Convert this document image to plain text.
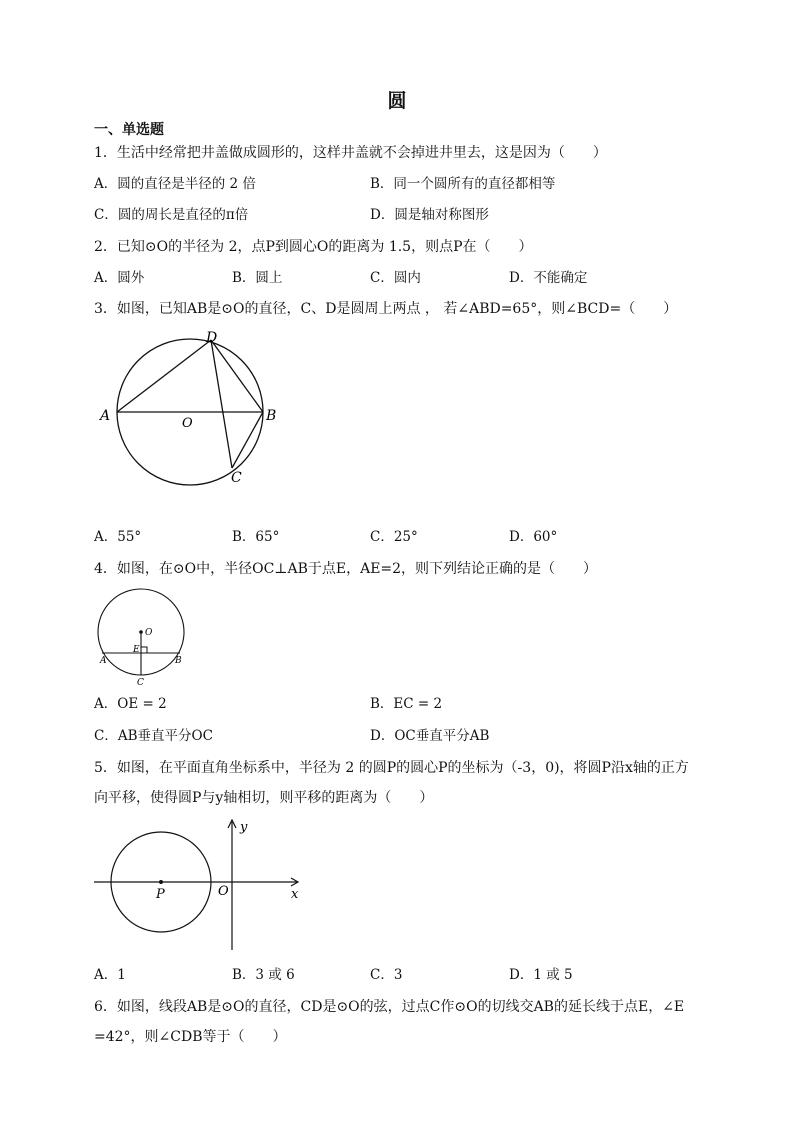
圆
一、单选题
1．生活中经常把井盖做成圆形的，这样井盖就不会掉进井里去，这是因为（　　）
A．圆的直径是半径的 2 倍	B．同一个圆所有的直径都相等
C．圆的周长是直径的π倍	D．圆是轴对称图形
2．已知⊙O的半径为 2，点P到圆心O的距离为 1.5，则点P在（　　）
A．圆外	B．圆上	C．圆内	D．不能确定
3．如图，已知AB是⊙O的直径，C、D是圆周上两点 ， 若∠ABD=65°，则∠BCD=（　　）
A	B
D
C
O
A．55°	B．65°	C．25°	D．60°
4．如图，在⊙O中，半径OC⊥AB于点E，AE=2，则下列结论正确的是（　　）
O
E
A	B
C
A．OE = 2	B．EC = 2
C．AB垂直平分OC	D．OC垂直平分AB
5．如图，在平面直角坐标系中，半径为 2 的圆P的圆心P的坐标为（-3，0)，将圆P沿x轴的正方
向平移，使得圆P与y轴相切，则平移的距离为（　　）
y
x
O
P
A．1	B．3 或 6	C．3	D．1 或 5
6．如图，线段AB是⊙O的直径，CD是⊙O的弦，过点C作⊙O的切线交AB的延长线于点E，∠E
=42°，则∠CDB等于（　　）
